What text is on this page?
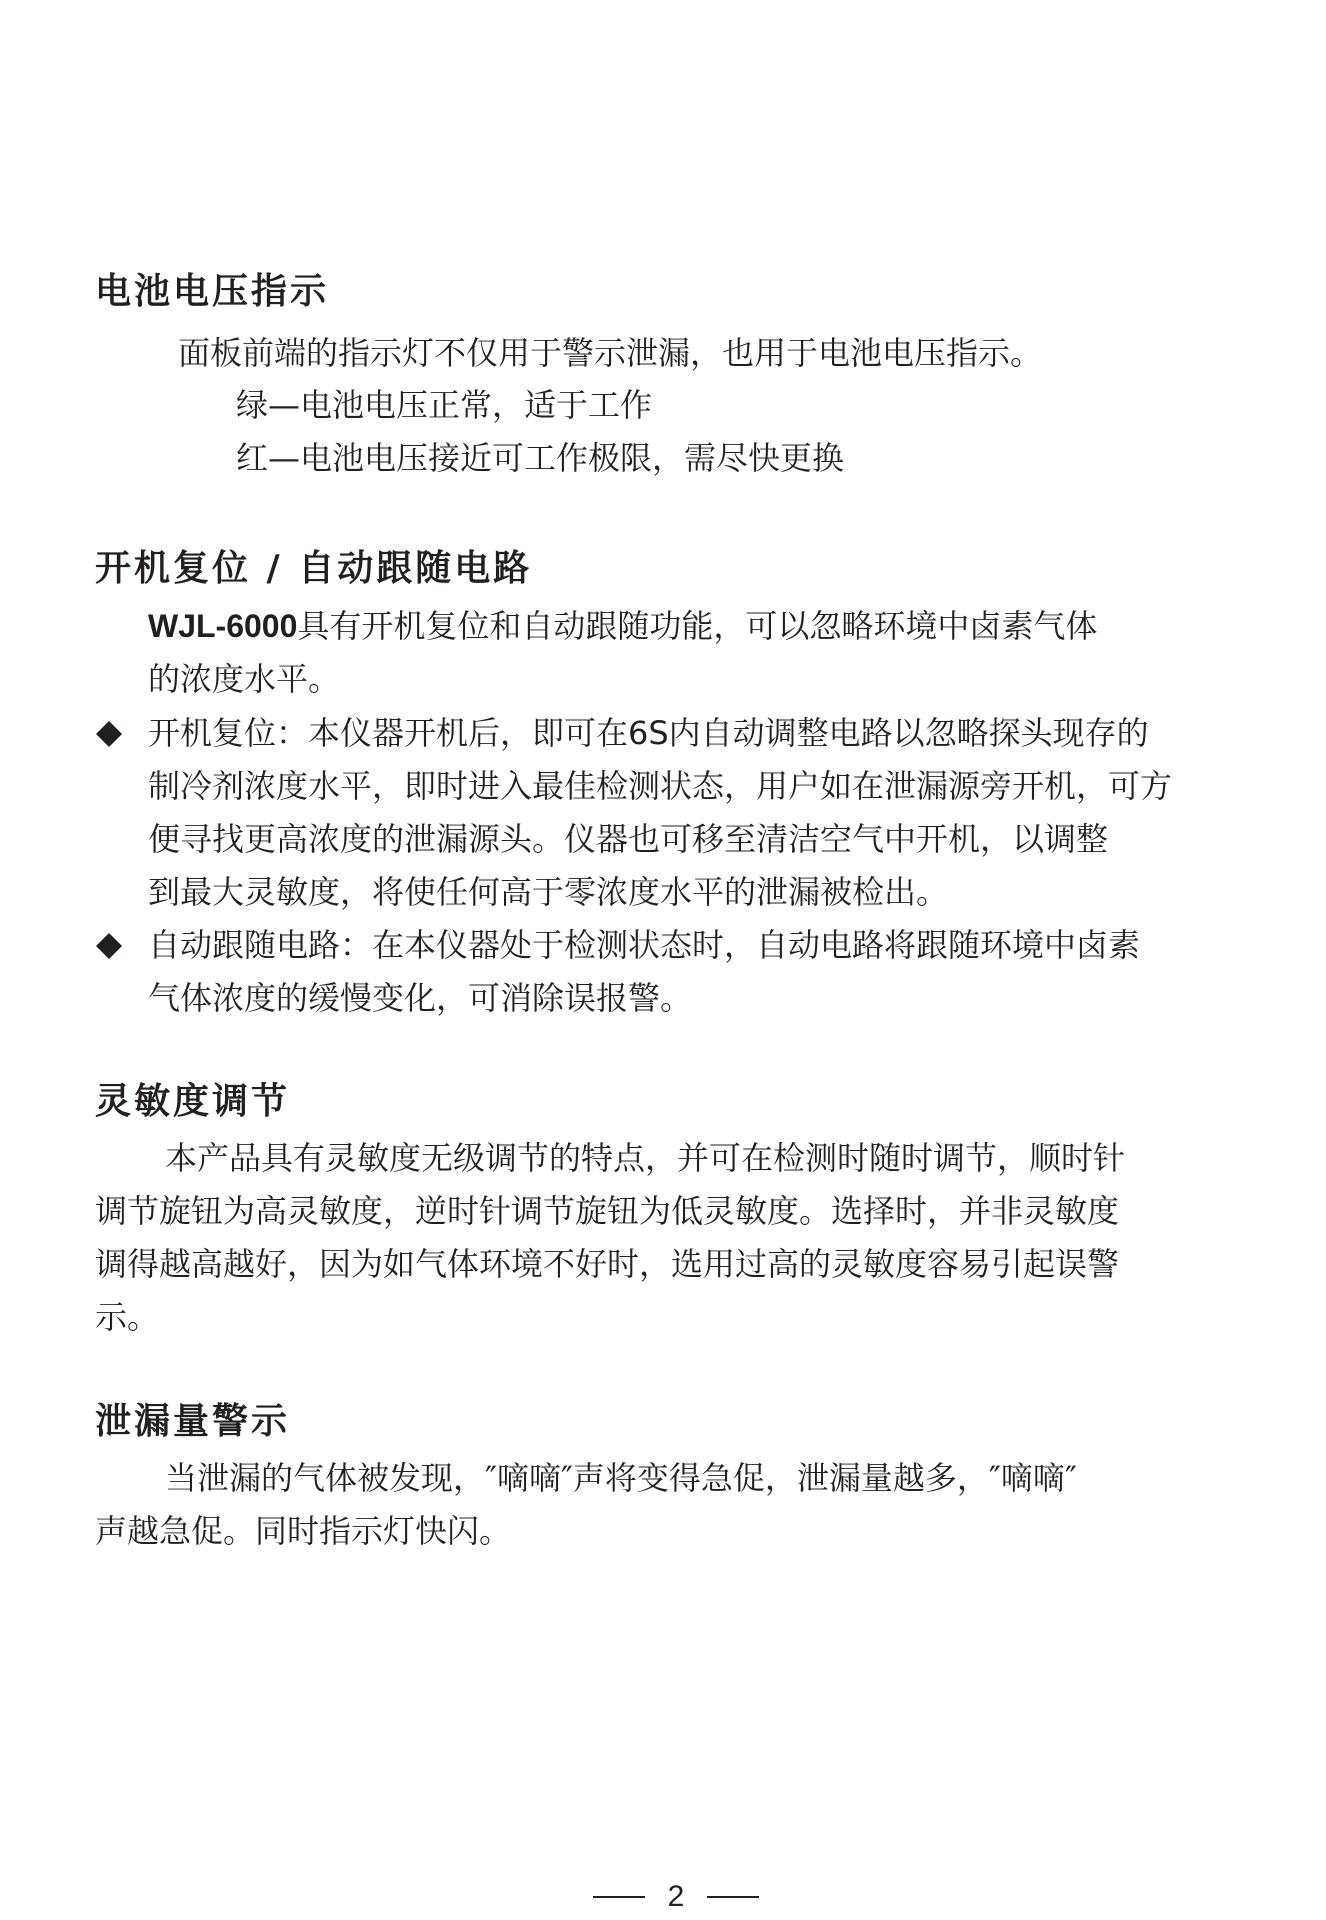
电池电压指示

面板前端的指示灯不仅用于警示泄漏，也用于电池电压指示。

绿—电池电压正常，适于工作

红—电池电压接近可工作极限，需尽快更换

开机复位 / 自动跟随电路

WJL-6000具有开机复位和自动跟随功能，可以忽略环境中卤素气体

的浓度水平。

开机复位：本仪器开机后，即可在6S内自动调整电路以忽略探头现存的

制冷剂浓度水平，即时进入最佳检测状态，用户如在泄漏源旁开机，可方

便寻找更高浓度的泄漏源头。仪器也可移至清洁空气中开机，以调整

到最大灵敏度，将使任何高于零浓度水平的泄漏被检出。

自动跟随电路：在本仪器处于检测状态时，自动电路将跟随环境中卤素

气体浓度的缓慢变化，可消除误报警。

灵敏度调节

本产品具有灵敏度无级调节的特点，并可在检测时随时调节，顺时针

调节旋钮为高灵敏度，逆时针调节旋钮为低灵敏度。选择时，并非灵敏度

调得越高越好，因为如气体环境不好时，选用过高的灵敏度容易引起误警

示。

泄漏量警示

当泄漏的气体被发现，″嘀嘀″声将变得急促，泄漏量越多，″嘀嘀″

声越急促。同时指示灯快闪。

2
